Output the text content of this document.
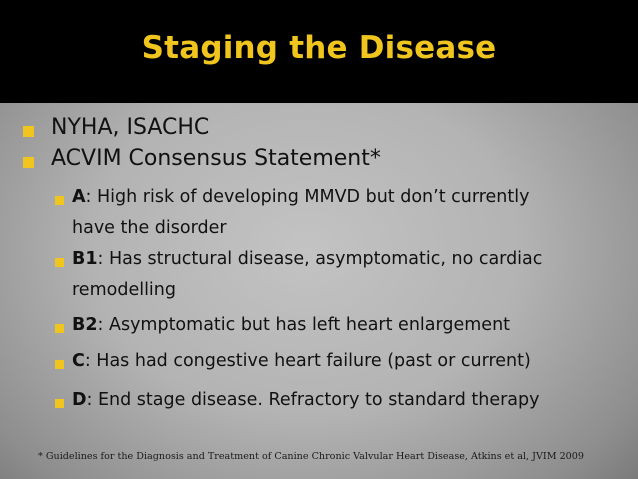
Staging the Disease
NYHA, ISACHC
ACVIM Consensus Statement*
A: High risk of developing MMVD but don’t currently
have the disorder
B1: Has structural disease, asymptomatic, no cardiac
remodelling
B2: Asymptomatic but has left heart enlargement
C: Has had congestive heart failure (past or current)
D: End stage disease. Refractory to standard therapy
* Guidelines for the Diagnosis and Treatment of Canine Chronic Valvular Heart Disease, Atkins et al, JVIM 2009
